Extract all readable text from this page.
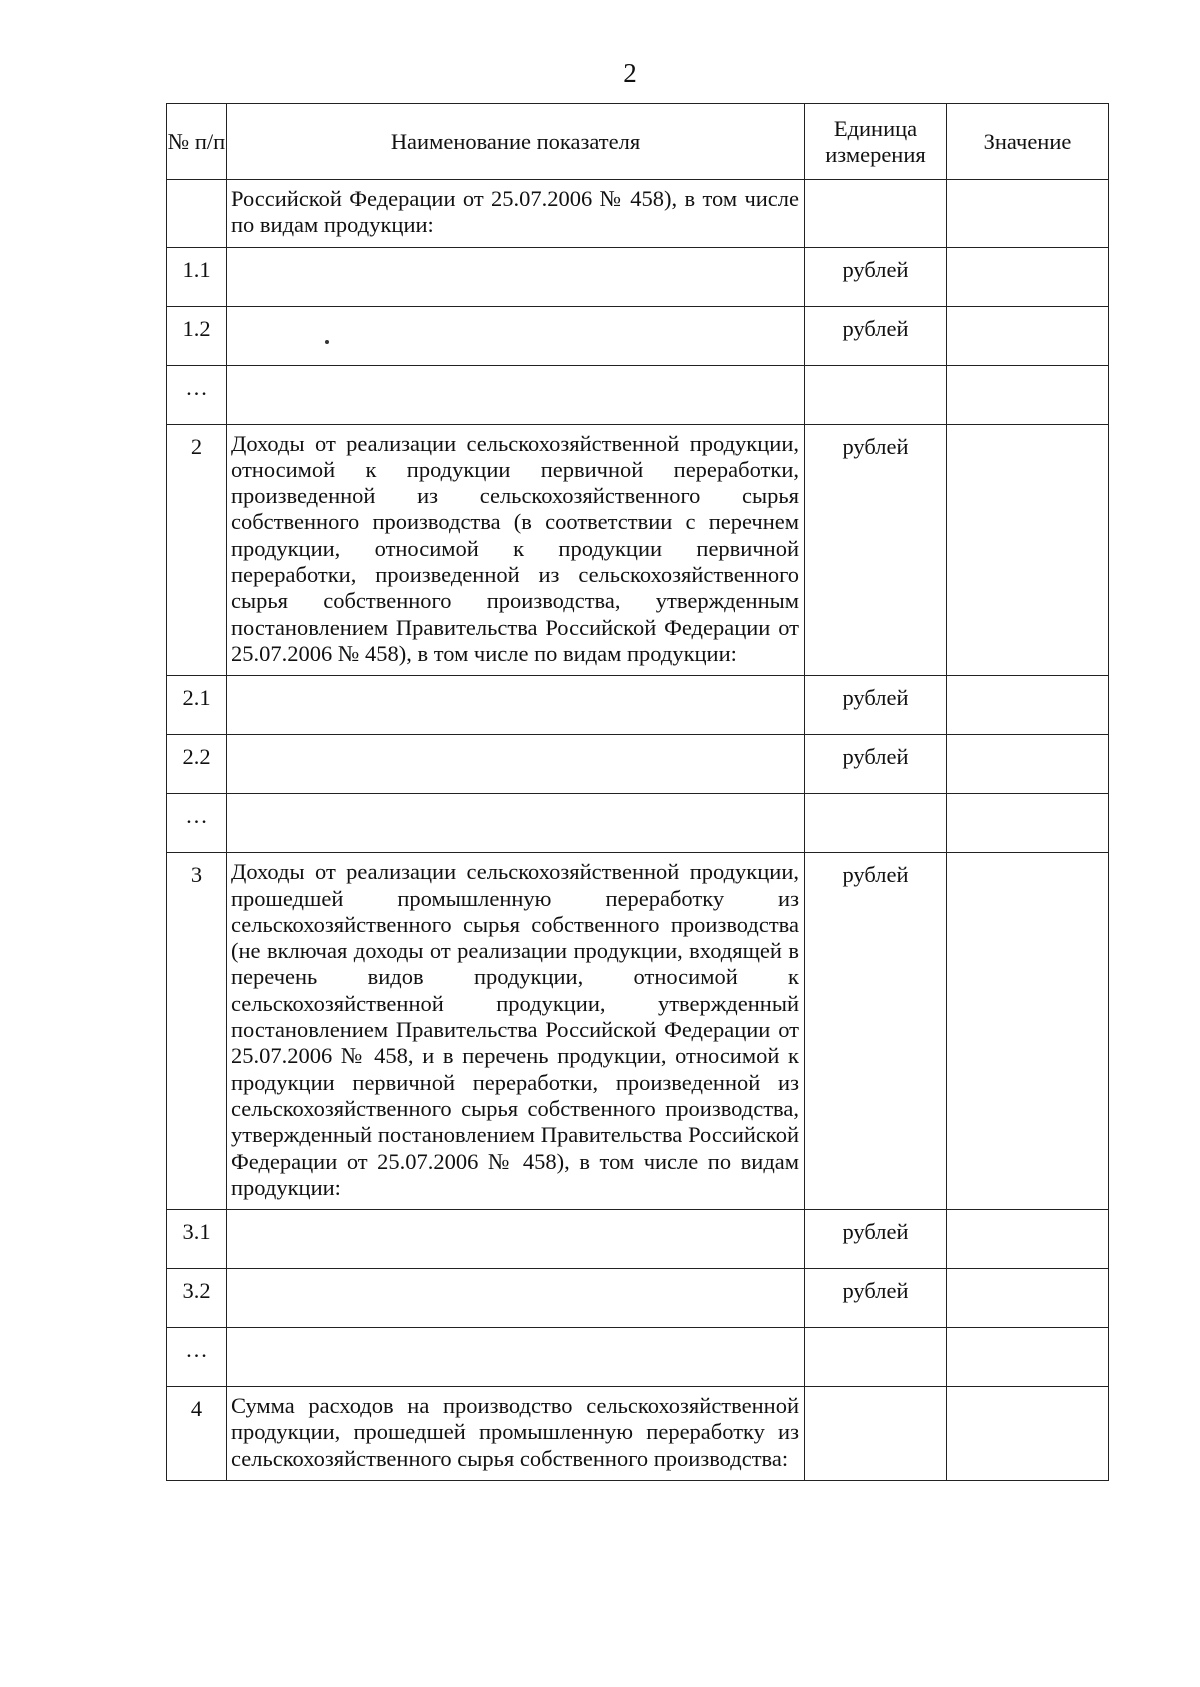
2
№ п/п	Наименование показателя	Единица измерения	Значение
	Российской Федерации от 25.07.2006 № 458), в том числе по видам продукции:		
1.1		рублей	
1.2		рублей	
…			
2	Доходы от реализации сельскохозяйственной продукции, относимой к продукции первичной переработки, произведенной из сельскохозяйственного сырья собственного производства (в соответствии с перечнем продукции, относимой к продукции первичной переработки, произведенной из сельскохозяйственного сырья собственного производства, утвержденным постановлением Правительства Российской Федерации от 25.07.2006 № 458), в том числе по видам продукции:	рублей	
2.1		рублей	
2.2		рублей	
…			
3	Доходы от реализации сельскохозяйственной продукции, прошедшей промышленную переработку из сельскохозяйственного сырья собственного производства (не включая доходы от реализации продукции, входящей в перечень видов продукции, относимой к сельскохозяйственной продукции, утвержденный постановлением Правительства Российской Федерации от 25.07.2006 № 458, и в перечень продукции, относимой к продукции первичной переработки, произведенной из сельскохозяйственного сырья собственного производства, утвержденный постановлением Правительства Российской Федерации от 25.07.2006 № 458), в том числе по видам продукции:	рублей	
3.1		рублей	
3.2		рублей	
…			
4	Сумма расходов на производство сельскохозяйственной продукции, прошедшей промышленную переработку из сельскохозяйственного сырья собственного производства:		
